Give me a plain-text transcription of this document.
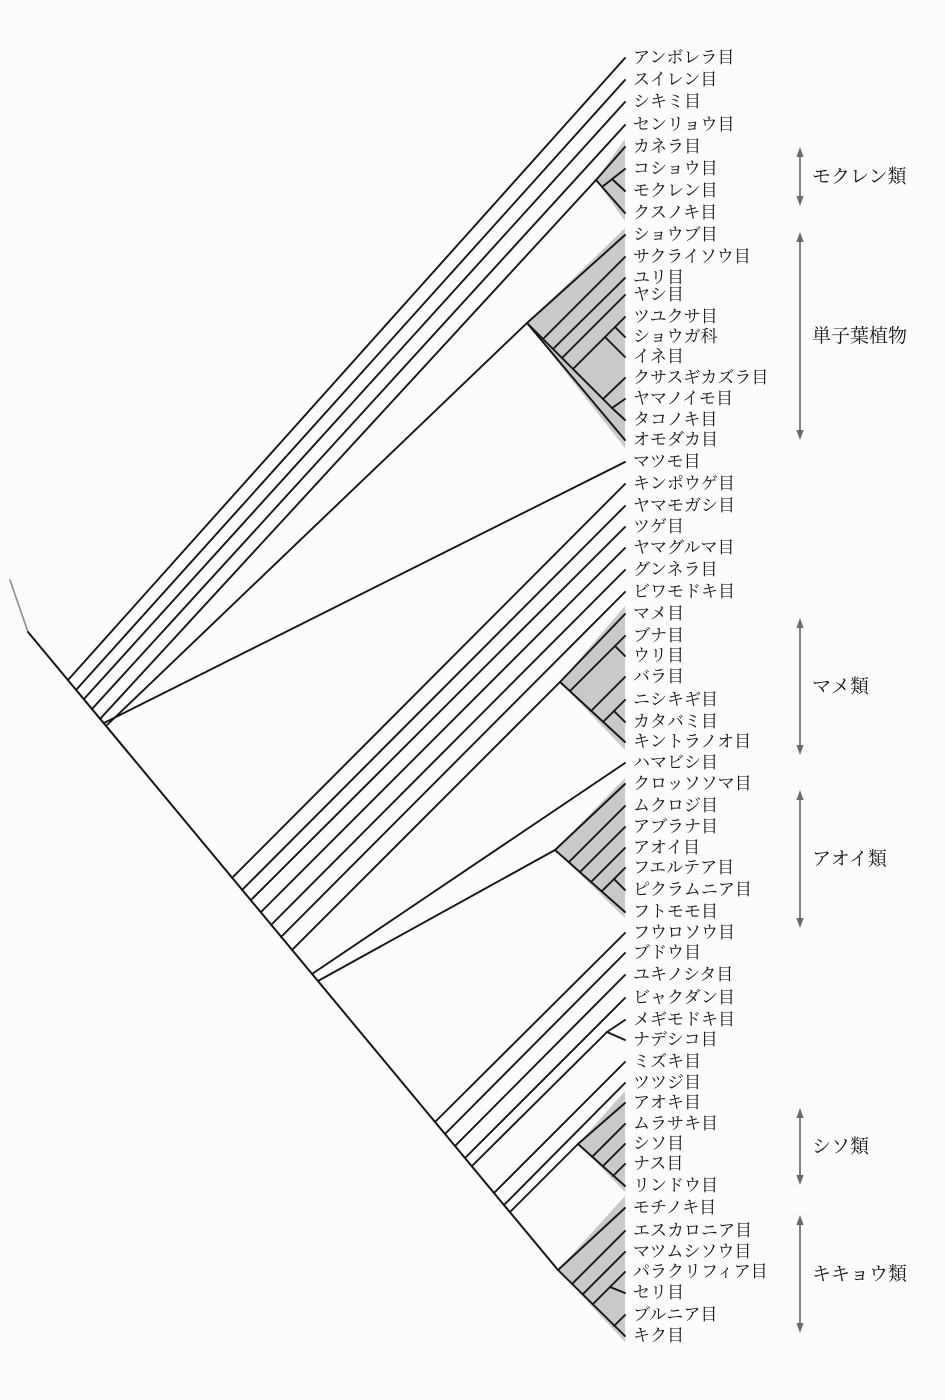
アンボレラ目
スイレン目
シキミ目
センリョウ目
カネラ目
コショウ目
モクレン目
クスノキ目
ショウブ目
サクライソウ目
ユリ目
ヤシ目
ツユクサ目
ショウガ科
イネ目
クサスギカズラ目
ヤマノイモ目
タコノキ目
オモダカ目
マツモ目
キンポウゲ目
ヤマモガシ目
ツゲ目
ヤマグルマ目
グンネラ目
ビワモドキ目
マメ目
ブナ目
ウリ目
バラ目
ニシキギ目
カタバミ目
キントラノオ目
ハマビシ目
クロッソソマ目
ムクロジ目
アブラナ目
アオイ目
フエルテア目
ピクラムニア目
フトモモ目
フウロソウ目
ブドウ目
ユキノシタ目
ビャクダン目
メギモドキ目
ナデシコ目
ミズキ目
ツツジ目
アオキ目
ムラサキ目
シソ目
ナス目
リンドウ目
モチノキ目
エスカロニア目
マツムシソウ目
パラクリフィア目
セリ目
ブルニア目
キク目
モクレン類
単子葉植物
マメ類
アオイ類
シソ類
キキョウ類
